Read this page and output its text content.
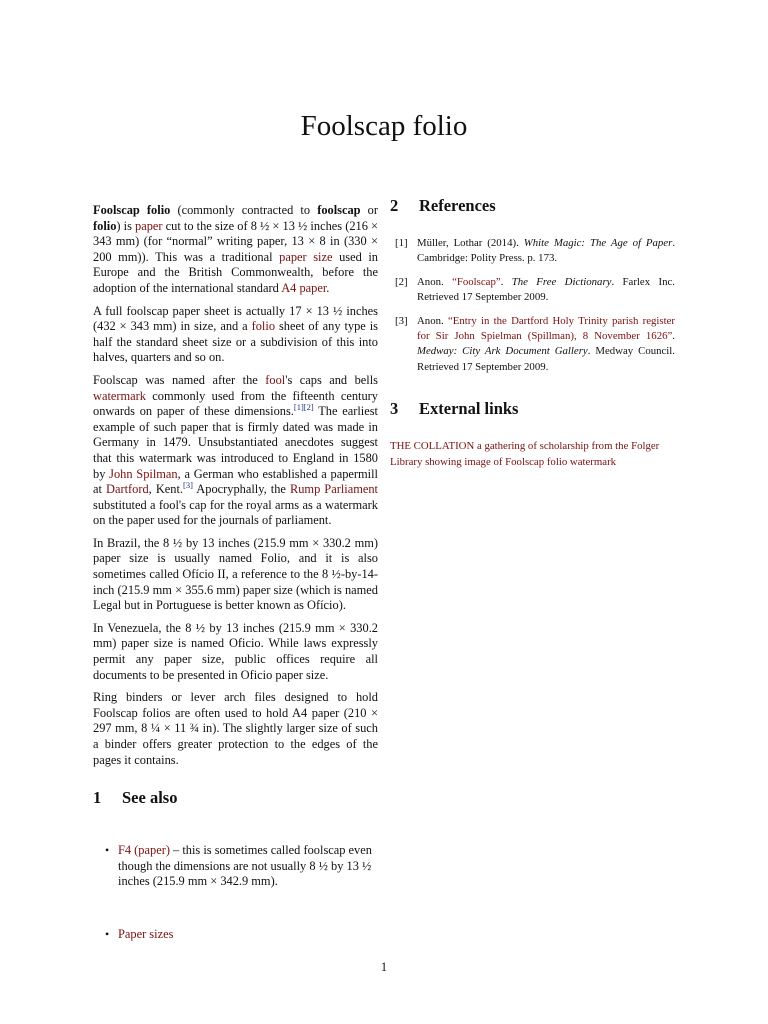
Foolscap folio

Foolscap folio (commonly contracted to foolscap or folio) is paper cut to the size of 8 ½ × 13 ½ inches (216 × 343 mm) (for “normal” writing paper, 13 × 8 in (330 × 200 mm)). This was a traditional paper size used in Europe and the British Commonwealth, before the adoption of the international standard A4 paper.

A full foolscap paper sheet is actually 17 × 13 ½ inches (432 × 343 mm) in size, and a folio sheet of any type is half the standard sheet size or a subdivision of this into halves, quarters and so on.

Foolscap was named after the fool's caps and bells watermark commonly used from the fifteenth century onwards on paper of these dimensions.[1][2] The earliest example of such paper that is firmly dated was made in Germany in 1479. Unsubstantiated anecdotes suggest that this watermark was introduced to England in 1580 by John Spilman, a German who established a papermill at Dartford, Kent.[3] Apocryphally, the Rump Parliament substituted a fool's cap for the royal arms as a watermark on the paper used for the journals of parliament.

In Brazil, the 8 ½ by 13 inches (215.9 mm × 330.2 mm) paper size is usually named Folio, and it is also sometimes called Ofício II, a reference to the 8 ½-by-14-inch (215.9 mm × 355.6 mm) paper size (which is named Legal but in Portuguese is better known as Ofício).

In Venezuela, the 8 ½ by 13 inches (215.9 mm × 330.2 mm) paper size is named Oficio. While laws expressly permit any paper size, public offices require all documents to be presented in Oficio paper size.

Ring binders or lever arch files designed to hold Foolscap folios are often used to hold A4 paper (210 × 297 mm, 8 ¼ × 11 ¾ in). The slightly larger size of such a binder offers greater protection to the edges of the pages it contains.

1	See also
• F4 (paper) – this is sometimes called foolscap even though the dimensions are not usually 8 ½ by 13 ½ inches (215.9 mm × 342.9 mm).
• Paper sizes
2	References
[1] Müller, Lothar (2014). White Magic: The Age of Paper. Cambridge: Polity Press. p. 173.
[2] Anon. “Foolscap”. The Free Dictionary. Farlex Inc. Retrieved 17 September 2009.
[3] Anon. “Entry in the Dartford Holy Trinity parish register for Sir John Spielman (Spillman), 8 November 1626”. Medway: City Ark Document Gallery. Medway Council. Retrieved 17 September 2009.
3	External links

THE COLLATION a gathering of scholarship from the Folger Library showing image of Foolscap folio watermark

1
